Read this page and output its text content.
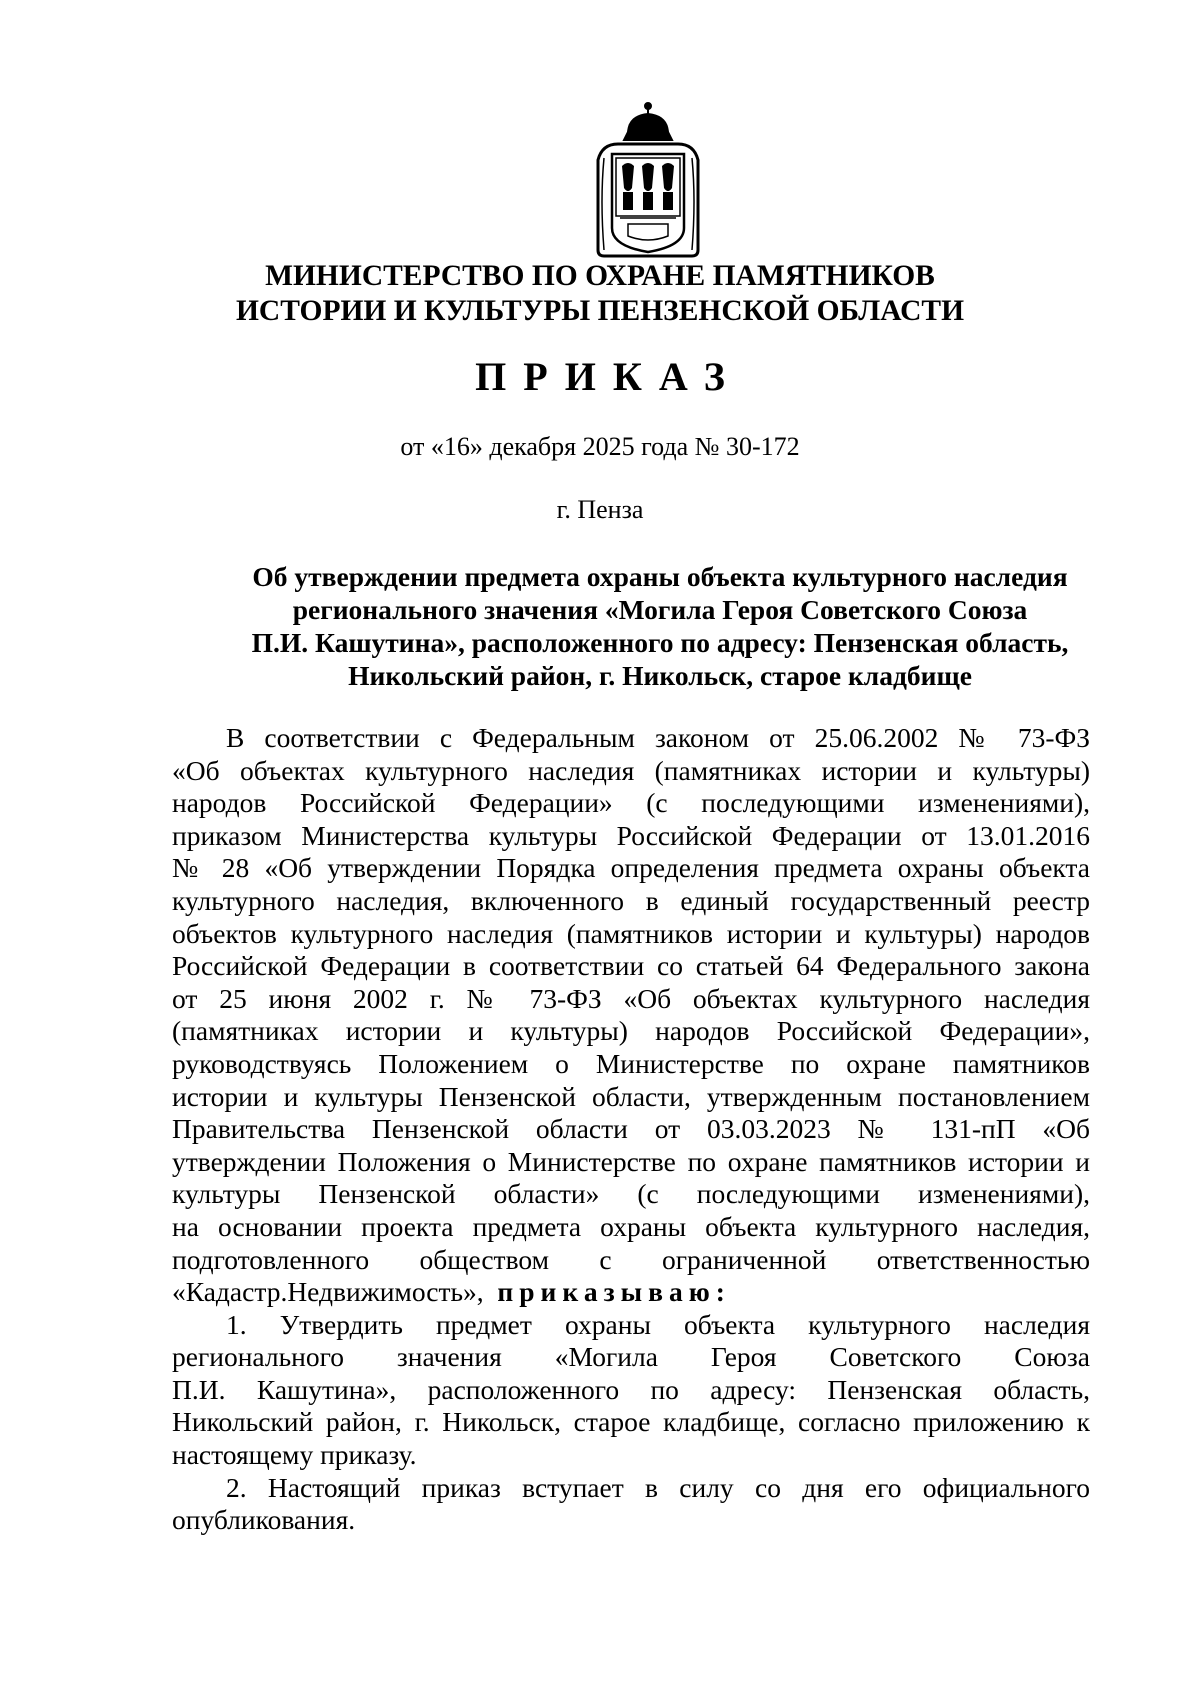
МИНИСТЕРСТВО ПО ОХРАНЕ ПАМЯТНИКОВ
ИСТОРИИ И КУЛЬТУРЫ ПЕНЗЕНСКОЙ ОБЛАСТИ
ПРИКАЗ
от «16» декабря 2025 года № 30-172
г. Пенза
Об утверждении предмета охраны объекта культурного наследия
регионального значения «Могила Героя Советского Союза
П.И. Кашутина», расположенного по адресу: Пензенская область,
Никольский район, г. Никольск, старое кладбище
В соответствии с Федеральным законом от 25.06.2002 № 73-ФЗ
«Об объектах культурного наследия (памятниках истории и культуры)
народов Российской Федерации» (с последующими изменениями),
приказом Министерства культуры Российской Федерации от 13.01.2016
№ 28 «Об утверждении Порядка определения предмета охраны объекта
культурного наследия, включенного в единый государственный реестр
объектов культурного наследия (памятников истории и культуры) народов
Российской Федерации в соответствии со статьей 64 Федерального закона
от 25 июня 2002 г. № 73-ФЗ «Об объектах культурного наследия
(памятниках истории и культуры) народов Российской Федерации»,
руководствуясь Положением о Министерстве по охране памятников
истории и культуры Пензенской области, утвержденным постановлением
Правительства Пензенской области от 03.03.2023 № 131-пП «Об
утверждении Положения о Министерстве по охране памятников истории и
культуры Пензенской области» (с последующими изменениями),
на основании проекта предмета охраны объекта культурного наследия,
подготовленного обществом с ограниченной ответственностью
«Кадастр.Недвижимость», приказываю:
1. Утвердить предмет охраны объекта культурного наследия
регионального значения «Могила Героя Советского Союза
П.И. Кашутина», расположенного по адресу: Пензенская область,
Никольский район, г. Никольск, старое кладбище, согласно приложению к
настоящему приказу.
2. Настоящий приказ вступает в силу со дня его официального
опубликования.
